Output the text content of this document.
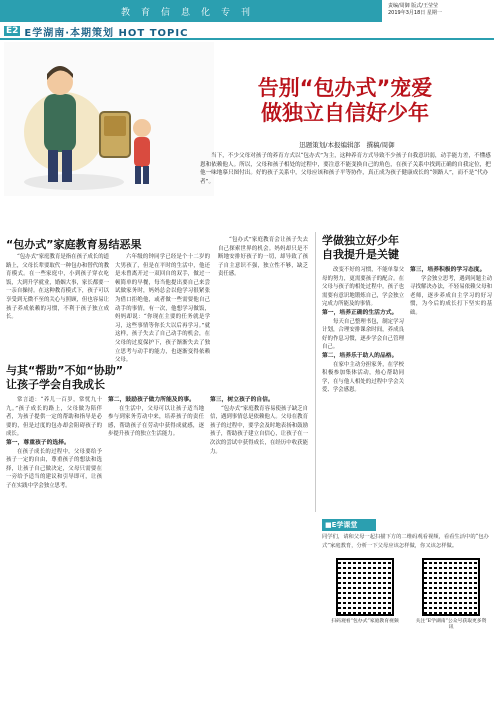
教育信息化专刊
责编/周御 版式/王莹莹
2019年3月18日 星期一
E2 E学湖南·本期策划 HOT TOPIC
告别“包办式”宠爱
做独立自信好少年
迅题策划/本报编辑部　撰稿/周御
当下，不少父母对孩子的养育方式以“包办式”为主，这种养育方式导致不少孩子自我意识弱，动手能力差，不懂感恩和依赖他人。所以，父母和孩子相处的过程中，要注意不能变换自己的角色，在孩子关系中找到正确的自我定位，把他一味地摹只图付出。好的孩子关系中，父母应该和孩子平等协作，真正成为孩子健康成长的“领路人”，而不是“代办者”。
“包办式”家庭教育易结恶果

“包办式”家庭教育是指在孩子成长的道路上，父母长辈要取代一种包办和替代的教育模式。在一些家庭中，小到孩子穿衣吃饭，大到升学就业，婚姻大事，家长都要一一亲自操持。在这种教育模式下，孩子可以享受到无微不至的关心与照顾，但也容易让孩子养成依赖的习惯，不利于孩子独立成长。

六年级的钟同学已经是个十二岁的大男孩了，但是在平时的生活中，他还是未曾离开过一双回自的双手，做过一顿简单的早餐，每当他提出要自己来尝试做家务时，妈妈总会以他学习很紧张为借口拒绝他，或者做一些需要他自己动手的事情，有一次，他想学习做饭，妈妈却说：“你现在主要的任务就是学习，这些事情等你长大以后再学习。”就这样，孩子失去了自己动手的机会，在父母的过度保护下，孩子渐渐失去了独立思考与动手的能力，也逐渐变得依赖父母。

“包办式”家庭教育会让孩子失去自己探索世界的机会。妈妈却只是不断地安排好孩子的一切，却导致了孩子自主意识不强，独立性不够，缺乏责任感。

与其“帮助”不如“协助”
让孩子学会自我成长

常言道：“养儿一百岁，常忧九十九。”孩子成长的路上，父母做为陪伴者，为孩子提供一定的帮助和指导是必要的，但是过度的包办却会阻碍孩子的成长。

第一，尊重孩子的选择。

在孩子成长的过程中，父母要给予孩子一定的自由，尊重孩子的想法和选择，让孩子自己做决定，父母只需要在一旁给予适当的建议和引导即可，让孩子在实践中学会独立思考。

第二，鼓励孩子做力所能及的事。

在生活中，父母可以让孩子适当地参与到家务劳动中来，培养孩子的责任感，帮助孩子在劳动中获得成就感，逐步提升孩子的独立生活能力。

第三，树立孩子的自信。

“包办式”家庭教育容易使孩子缺乏自信，遇到事情总是依赖他人。父母在教育孩子的过程中，要学会及时地表扬和鼓励孩子，帮助孩子建立自信心，让孩子在一次次的尝试中获得成长，在经历中收获能力。

学做独立好少年
自我提升是关键

改变不好的习惯，不能单靠父母的努力，更需要孩子的配合。在父母与孩子的相处过程中，孩子也需要有意识地锻炼自己，学会独立完成力所能及的事情。

第一，培养正确的生活方式。

每天自己整理书包，制定学习计划，合理安排课余时间，养成良好的作息习惯，逐步学会自己管理自己。

第二，培养乐于助人的品格。

在家中主动分担家务，在学校积极参加集体活动，热心帮助同学，在与他人相处的过程中学会关爱、学会感恩。

第三，培养积极的学习态度。

学会独立思考，遇到问题主动寻找解决办法，不轻易依赖父母和老师，逐步养成自主学习的好习惯，为今后的成长打下坚实的基础。

■E学课堂
同学们，请和父母一起扫描下方的二维码观看视频，看看生活中的“包办式”家庭教育，分析一下父母应该怎样做，你又该怎样做。
扫码观看“包办式”家庭教育视频	关注“E学湖南”公众号获取更多资讯
